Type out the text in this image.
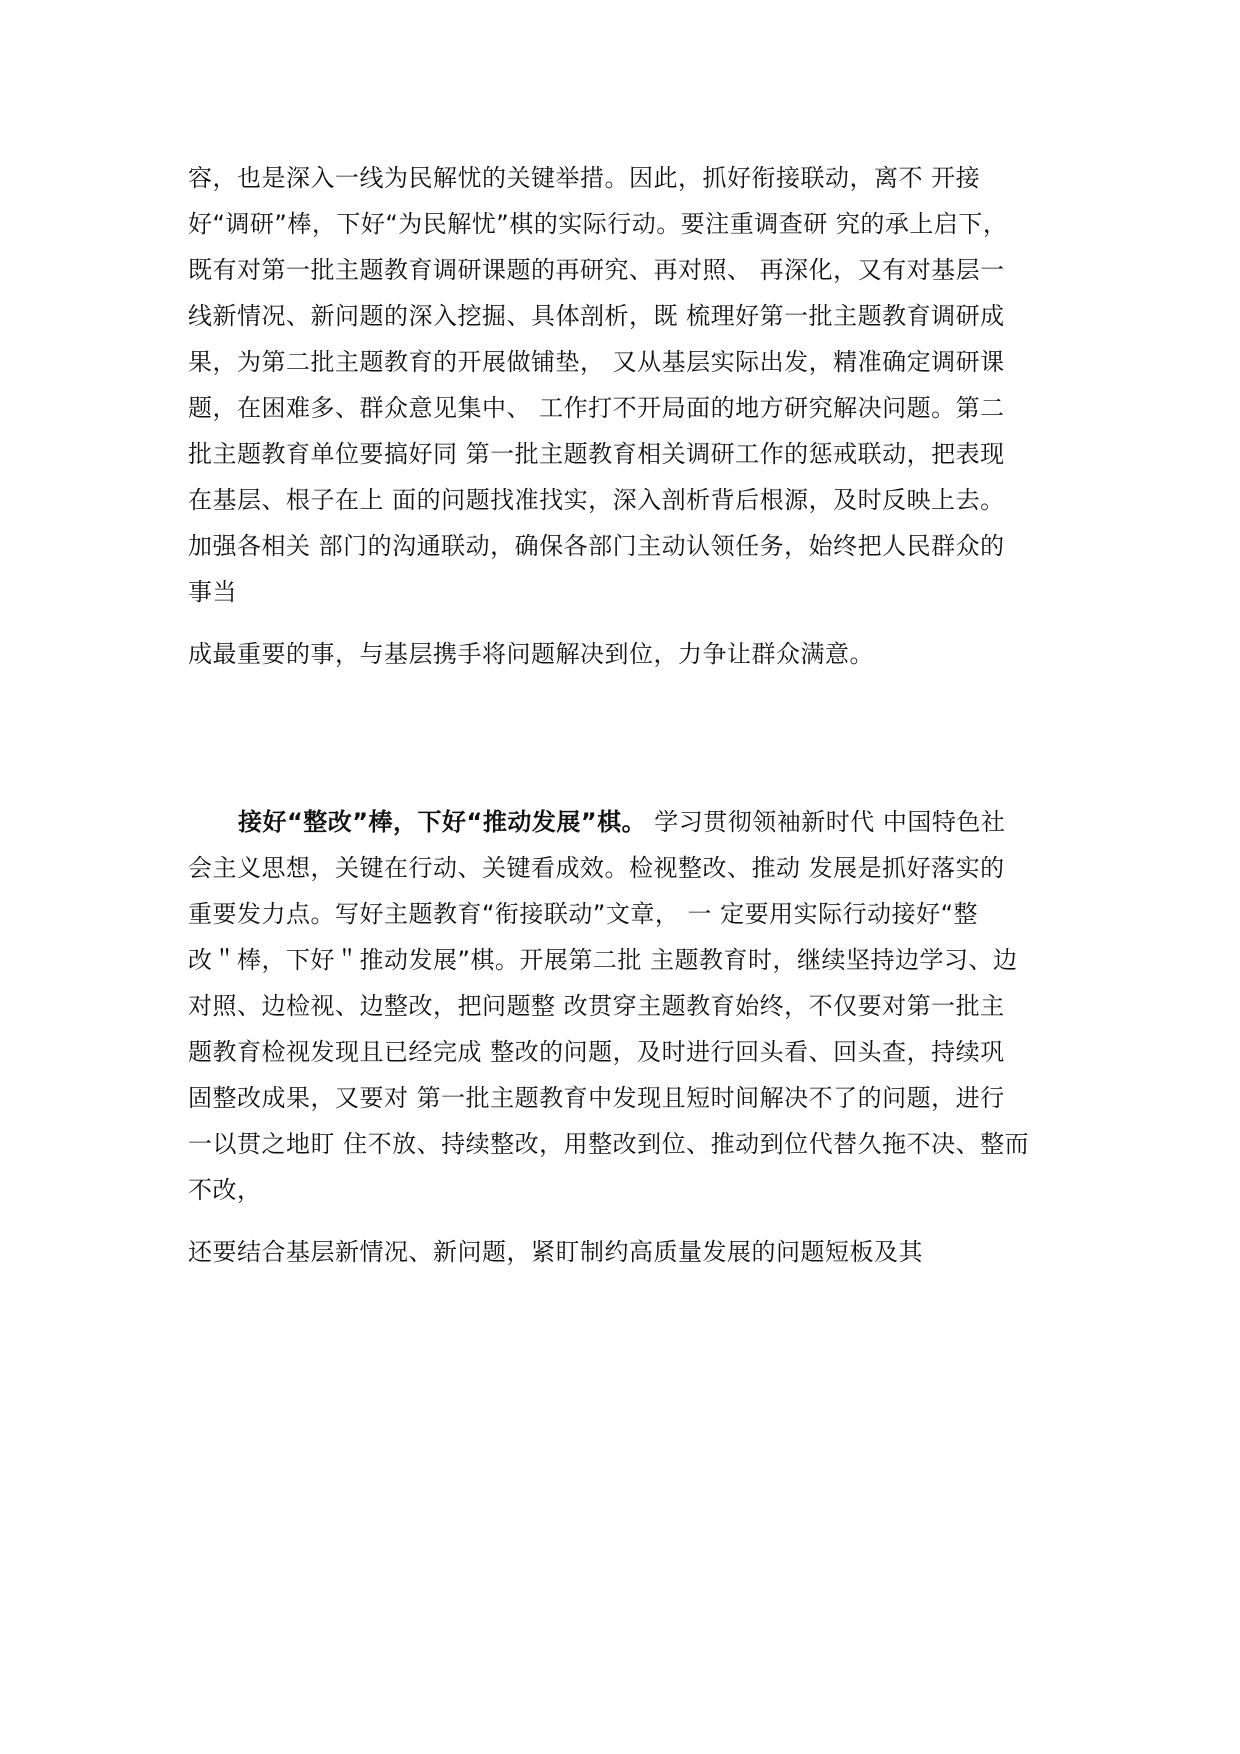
容，也是深入一线为民解忧的关键举措。因此，抓好衔接联动，离不 开接
好“调研”棒，下好“为民解忧”棋的实际行动。要注重调查研 究的承上启下，
既有对第一批主题教育调研课题的再研究、再对照、 再深化，又有对基层一
线新情况、新问题的深入挖掘、具体剖析，既 梳理好第一批主题教育调研成
果，为第二批主题教育的开展做铺垫， 又从基层实际出发，精准确定调研课
题，在困难多、群众意见集中、 工作打不开局面的地方研究解决问题。第二
批主题教育单位要搞好同 第一批主题教育相关调研工作的惩戒联动，把表现
在基层、根子在上 面的问题找准找实，深入剖析背后根源，及时反映上去。
加强各相关 部门的沟通联动，确保各部门主动认领任务，始终把人民群众的
事当
成最重要的事，与基层携手将问题解决到位，力争让群众满意。
接好“整改”棒，下好“推动发展”棋。 学习贯彻领袖新时代 中国特色社
会主义思想，关键在行动、关键看成效。检视整改、推动 发展是抓好落实的
重要发力点。写好主题教育“衔接联动”文章， 一 定要用实际行动接好“整
改＂棒，下好＂推动发展”棋。开展第二批 主题教育时，继续坚持边学习、边
对照、边检视、边整改，把问题整 改贯穿主题教育始终，不仅要对第一批主
题教育检视发现且已经完成 整改的问题，及时进行回头看、回头查，持续巩
固整改成果，又要对 第一批主题教育中发现且短时间解决不了的问题，进行
一以贯之地盯 住不放、持续整改，用整改到位、推动到位代替久拖不决、整而
不改，
还要结合基层新情况、新问题，紧盯制约高质量发展的问题短板及其
